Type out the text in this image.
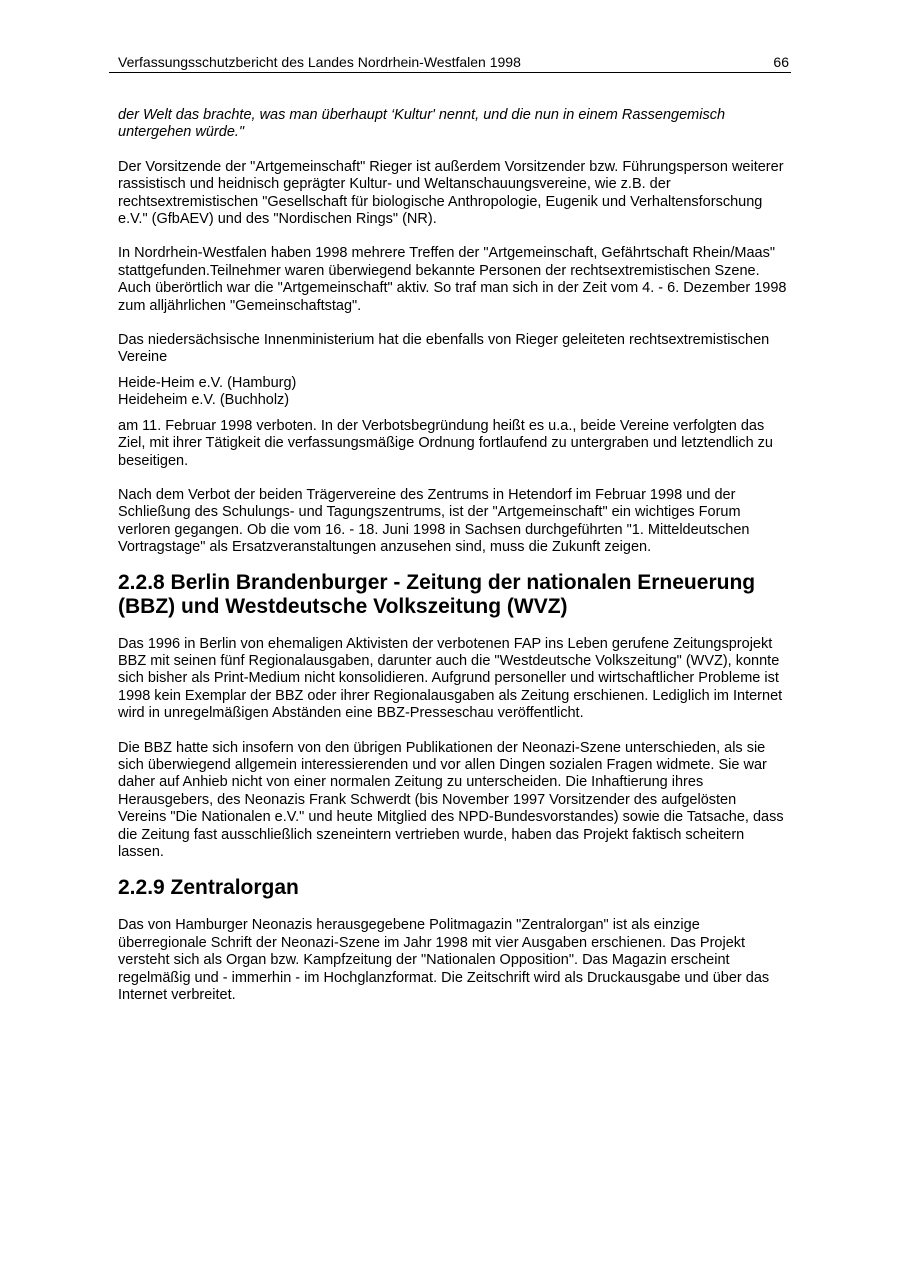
Verfassungsschutzbericht des Landes Nordrhein-Westfalen 1998	66

der Welt das brachte, was man überhaupt ‘Kultur' nennt, und die nun in einem Rassengemisch untergehen würde."

Der Vorsitzende der "Artgemeinschaft" Rieger ist außerdem Vorsitzender bzw. Führungsperson weiterer rassistisch und heidnisch geprägter Kultur- und Weltanschauungsvereine, wie z.B. der rechtsextremistischen "Gesellschaft für biologische Anthropologie, Eugenik und Verhaltensforschung e.V." (GfbAEV) und des "Nordischen Rings" (NR).

In Nordrhein-Westfalen haben 1998 mehrere Treffen der "Artgemeinschaft, Gefährtschaft Rhein/Maas" stattgefunden.Teilnehmer waren überwiegend bekannte Personen der rechtsextremistischen Szene. Auch überörtlich war die "Artgemeinschaft" aktiv. So traf man sich in der Zeit vom 4. - 6. Dezember 1998 zum alljährlichen "Gemeinschaftstag".

Das niedersächsische Innenministerium hat die ebenfalls von Rieger geleiteten rechtsextremistischen Vereine

Heide-Heim e.V. (Hamburg)

Heideheim e.V. (Buchholz)

am 11. Februar 1998 verboten. In der Verbotsbegründung heißt es u.a., beide Vereine verfolgten das Ziel, mit ihrer Tätigkeit die verfassungsmäßige Ordnung fortlaufend zu untergraben und letztendlich zu beseitigen.

Nach dem Verbot der beiden Trägervereine des Zentrums in Hetendorf im Februar 1998 und der Schließung des Schulungs- und Tagungszentrums, ist der "Artgemeinschaft" ein wichtiges Forum verloren gegangen. Ob die vom 16. - 18. Juni 1998 in Sachsen durchgeführten "1. Mitteldeutschen Vortragstage" als Ersatzveranstaltungen anzusehen sind, muss die Zukunft zeigen.

2.2.8 Berlin Brandenburger - Zeitung der nationalen Erneuerung (BBZ) und Westdeutsche Volkszeitung (WVZ)

Das 1996 in Berlin von ehemaligen Aktivisten der verbotenen FAP ins Leben gerufene Zeitungsprojekt BBZ mit seinen fünf Regionalausgaben, darunter auch die "Westdeutsche Volkszeitung" (WVZ), konnte sich bisher als Print-Medium nicht konsolidieren. Aufgrund personeller und wirtschaftlicher Probleme ist 1998 kein Exemplar der BBZ oder ihrer Regionalausgaben als Zeitung erschienen. Lediglich im Internet wird in unregelmäßigen Abständen eine BBZ-Presseschau veröffentlicht.

Die BBZ hatte sich insofern von den übrigen Publikationen der Neonazi-Szene unterschieden, als sie sich überwiegend allgemein interessierenden und vor allen Dingen sozialen Fragen widmete. Sie war daher auf Anhieb nicht von einer normalen Zeitung zu unterscheiden. Die Inhaftierung ihres Herausgebers, des Neonazis Frank Schwerdt (bis November 1997 Vorsitzender des aufgelösten Vereins "Die Nationalen e.V." und heute Mitglied des NPD-Bundesvorstandes) sowie die Tatsache, dass die Zeitung fast ausschließlich szeneintern vertrieben wurde, haben das Projekt faktisch scheitern lassen.

2.2.9 Zentralorgan

Das von Hamburger Neonazis herausgegebene Politmagazin "Zentralorgan" ist als einzige überregionale Schrift der Neonazi-Szene im Jahr 1998 mit vier Ausgaben erschienen. Das Projekt versteht sich als Organ bzw. Kampfzeitung der "Nationalen Opposition". Das Magazin erscheint regelmäßig und - immerhin - im Hochglanzformat. Die Zeitschrift wird als Druckausgabe und über das Internet verbreitet.
